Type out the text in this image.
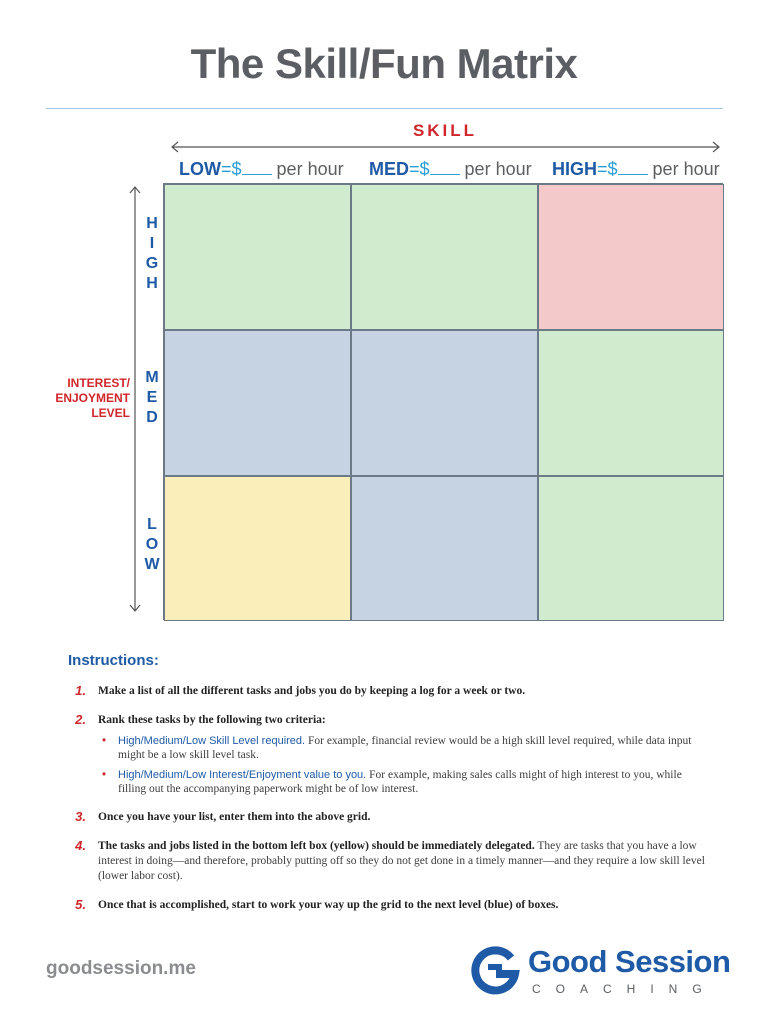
The Skill/Fun Matrix
SKILL
LOW=$ per hour MED=$ per hour HIGH=$ per hour
INTEREST/
ENJOYMENT
LEVEL
H
I
G
H
M
E
D
L
O
W
Instructions:
1. Make a list of all the different tasks and jobs you do by keeping a log for a week or two.
2. Rank these tasks by the following two criteria:
• High/Medium/Low Skill Level required. For example, financial review would be a high skill level required, while data input might be a low skill level task.
• High/Medium/Low Interest/Enjoyment value to you. For example, making sales calls might of high interest to you, while filling out the accompanying paperwork might be of low interest.
3. Once you have your list, enter them into the above grid.
4. The tasks and jobs listed in the bottom left box (yellow) should be immediately delegated. They are tasks that you have a low interest in doing—and therefore, probably putting off so they do not get done in a timely manner—and they require a low skill level (lower labor cost).
5. Once that is accomplished, start to work your way up the grid to the next level (blue) of boxes.
goodsession.me	Good Session
COACHING
